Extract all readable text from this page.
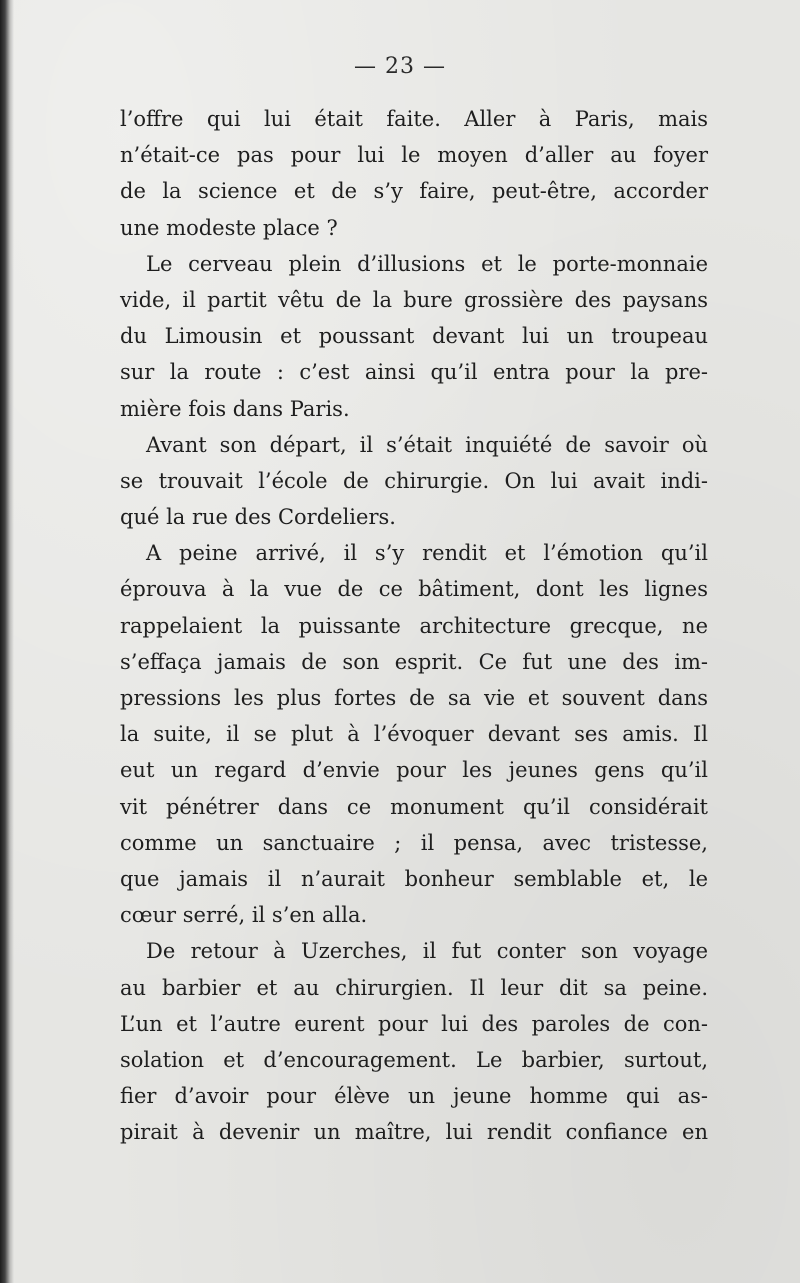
— 23 —
l’offre qui lui était faite. Aller à Paris, mais
n’était-ce pas pour lui le moyen d’aller au foyer
de la science et de s’y faire, peut-être, accorder
une modeste place ?
Le cerveau plein d’illusions et le porte-monnaie
vide, il partit vêtu de la bure grossière des paysans
du Limousin et poussant devant lui un troupeau
sur la route : c’est ainsi qu’il entra pour la pre-
mière fois dans Paris.
Avant son départ, il s’était inquiété de savoir où
se trouvait l’école de chirurgie. On lui avait indi-
qué la rue des Cordeliers.
A peine arrivé, il s’y rendit et l’émotion qu’il
éprouva à la vue de ce bâtiment, dont les lignes
rappelaient la puissante architecture grecque, ne
s’effaça jamais de son esprit. Ce fut une des im-
pressions les plus fortes de sa vie et souvent dans
la suite, il se plut à l’évoquer devant ses amis. Il
eut un regard d’envie pour les jeunes gens qu’il
vit pénétrer dans ce monument qu’il considérait
comme un sanctuaire ; il pensa, avec tristesse,
que jamais il n’aurait bonheur semblable et, le
cœur serré, il s’en alla.
De retour à Uzerches, il fut conter son voyage
au barbier et au chirurgien. Il leur dit sa peine.
L’un et l’autre eurent pour lui des paroles de con-
solation et d’encouragement. Le barbier, surtout,
fier d’avoir pour élève un jeune homme qui as-
pirait à devenir un maître, lui rendit confiance en
